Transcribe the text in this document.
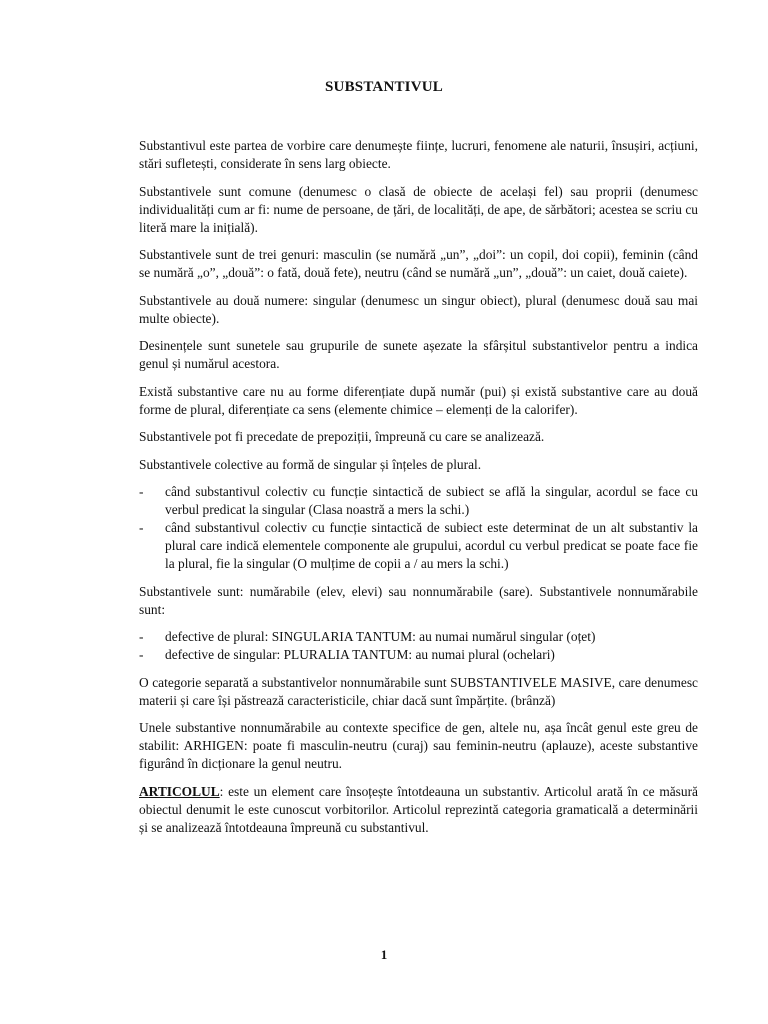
SUBSTANTIVUL

Substantivul este partea de vorbire care denumește ființe, lucruri, fenomene ale naturii, însușiri, acțiuni, stări sufletești, considerate în sens larg obiecte.

Substantivele sunt comune (denumesc o clasă de obiecte de același fel) sau proprii (denumesc individualități cum ar fi: nume de persoane, de țări, de localități, de ape, de sărbători; acestea se scriu cu literă mare la inițială).

Substantivele sunt de trei genuri: masculin (se numără „un”, „doi”: un copil, doi copii), feminin (când se numără „o”, „două”: o fată, două fete), neutru (când se numără „un”, „două”: un caiet, două caiete).

Substantivele au două numere: singular (denumesc un singur obiect), plural (denumesc două sau mai multe obiecte).

Desinențele sunt sunetele sau grupurile de sunete așezate la sfârșitul substantivelor pentru a indica genul și numărul acestora.

Există substantive care nu au forme diferențiate după număr (pui) și există substantive care au două forme de plural, diferențiate ca sens (elemente chimice – elemenți de la calorifer).

Substantivele pot fi precedate de prepoziții, împreună cu care se analizează.

Substantivele colective au formă de singular și înțeles de plural.

- când substantivul colectiv cu funcție sintactică de subiect se află la singular, acordul se face cu verbul predicat la singular (Clasa noastră a mers la schi.)
- când substantivul colectiv cu funcție sintactică de subiect este determinat de un alt substantiv la plural care indică elementele componente ale grupului, acordul cu verbul predicat se poate face fie la plural, fie la singular (O mulțime de copii a / au mers la schi.)

Substantivele sunt: numărabile (elev, elevi) sau nonnumărabile (sare). Substantivele nonnumărabile sunt:

- defective de plural: SINGULARIA TANTUM: au numai numărul singular (oțet)
- defective de singular: PLURALIA TANTUM: au numai plural (ochelari)

O categorie separată a substantivelor nonnumărabile sunt SUBSTANTIVELE MASIVE, care denumesc materii și care își păstrează caracteristicile, chiar dacă sunt împărțite. (brânză)

Unele substantive nonnumărabile au contexte specifice de gen, altele nu, așa încât genul este greu de stabilit: ARHIGEN: poate fi masculin-neutru (curaj) sau feminin-neutru (aplauze), aceste substantive figurând în dicționare la genul neutru.

ARTICOLUL: este un element care însoțește întotdeauna un substantiv. Articolul arată în ce măsură obiectul denumit le este cunoscut vorbitorilor. Articolul reprezintă categoria gramaticală a determinării și se analizează întotdeauna împreună cu substantivul.

1
